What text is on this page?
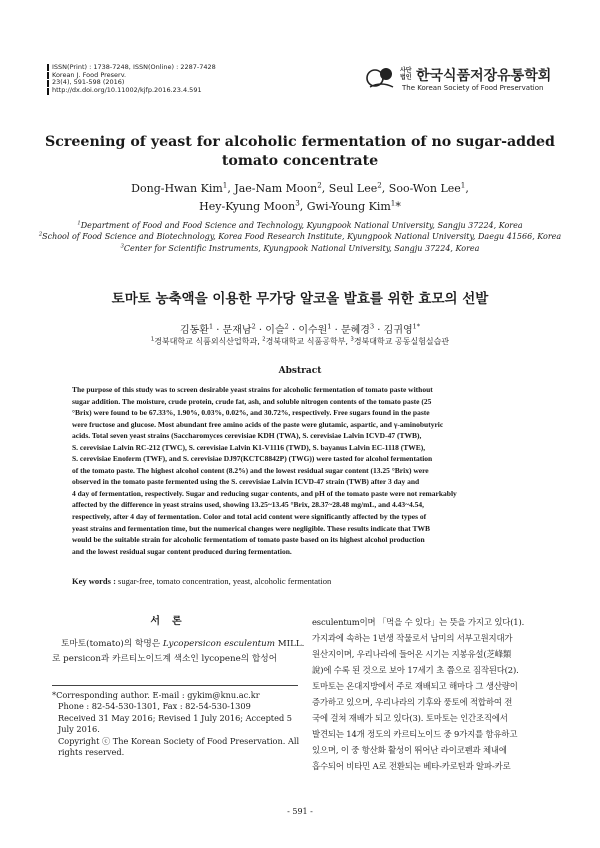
ISSN(Print) : 1738-7248, ISSN(Online) : 2287-7428
Korean J. Food Preserv.
23(4), 591-598 (2016)
http://dx.doi.org/10.11002/kjfp.2016.23.4.591
사단법인 한국식품저장유통학회
The Korean Society of Food Preservation
Screening of yeast for alcoholic fermentation of no sugar-added
tomato concentrate
Dong-Hwan Kim$^1$, Jae-Nam Moon$^2$, Seul Lee$^2$, Soo-Won Lee$^1$,
Hey-Kyung Moon$^3$, Gwi-Young Kim$^1$*
$^1$Department of Food and Food Science and Technology, Kyungpook National University, Sangju 37224, Korea
$^2$School of Food Science and Biotechnology, Korea Food Research Institute, Kyungpook National University, Daegu 41566, Korea
$^3$Center for Scientific Instruments, Kyungpook National University, Sangju 37224, Korea
토마토 농축액을 이용한 무가당 알코올 발효를 위한 효모의 선발
김동환$^1$ · 문재남$^2$ · 이슬$^2$ · 이수원$^1$ · 문혜경$^3$ · 김귀영$^{1*}$
$^1$경북대학교 식품외식산업학과, $^2$경북대학교 식품공학부, $^3$경북대학교 공동실험실습관
Abstract
The purpose of this study was to screen desirable yeast strains for alcoholic fermentation of tomato paste without
sugar addition. The moisture, crude protein, crude fat, ash, and soluble nitrogen contents of the tomato paste (25
°Brix) were found to be 67.33%, 1.90%, 0.03%, 0.02%, and 30.72%, respectively. Free sugars found in the paste
were fructose and glucose. Most abundant free amino acids of the paste were glutamic, aspartic, and γ-aminobutyric
acids. Total seven yeast strains (Saccharomyces cerevisiae KDH (TWA), S. cerevisiae Lalvin ICVD-47 (TWB),
S. cerevisiae Lalvin RC-212 (TWC), S. cerevisiae Lalvin K1-V1116 (TWD), S. bayanus Lalvin EC-1118 (TWE),
S. cerevisiae Enoferm (TWF), and S. cerevisiae DJ97(KCTC8842P) (TWG)) were tasted for alcohol fermentation
of the tomato paste. The highest alcohol content (8.2%) and the lowest residual sugar content (13.25 °Brix) were
observed in the tomato paste fermented using the S. cerevisiae Lalvin ICVD-47 strain (TWB) after 3 day and
4 day of fermentation, respectively. Sugar and reducing sugar contents, and pH of the tomato paste were not remarkably
affected by the difference in yeast strains used, showing 13.25~13.45 °Brix, 28.37~28.48 mg/mL, and 4.43~4.54,
respectively, after 4 day of fermentation. Color and total acid content were significantly affected by the types of
yeast strains and fermentation time, but the numerical changes were negligible. These results indicate that TWB
would be the suitable strain for alcoholic fermentatiom of tomato paste based on its highest alcohol production
and the lowest residual sugar content produced during fermentation.
Key words : sugar-free, tomato concentration, yeast, alcoholic fermentation
서론
토마토(tomato)의 학명은 Lycopersicon esculentum MILL.
로 persicon과 카르티노이드계 색소인 lycopene의 합성어
*Corresponding author. E-mail : gykim@knu.ac.kr
Phone : 82-54-530-1301, Fax : 82-54-530-1309
Received 31 May 2016; Revised 1 July 2016; Accepted 5 July 2016.
Copyright ⓒ The Korean Society of Food Preservation. All rights reserved.
esculentum이며 「먹을 수 있다」는 뜻을 가지고 있다(1).
가지과에 속하는 1년생 작물로서 남미의 서부고원지대가
원산지이며, 우리나라에 들어온 시기는 지봉유설(芝峰類
說)에 수록 된 것으로 보아 17세기 초 쯤으로 짐작된다(2).
토마토는 온대지방에서 주로 재배되고 해마다 그 생산량이
증가하고 있으며, 우리나라의 기후와 풍토에 적합하여 전
국에 걸쳐 재배가 되고 있다(3). 토마토는 인간조직에서
발견되는 14개 정도의 카르티노이드 중 9가지를 함유하고
있으며, 이 중 항산화 활성이 뛰어난 라이코펜과 체내에
흡수되어 비타민 A로 전환되는 베타-카로틴과 알파-카로
- 591 -
